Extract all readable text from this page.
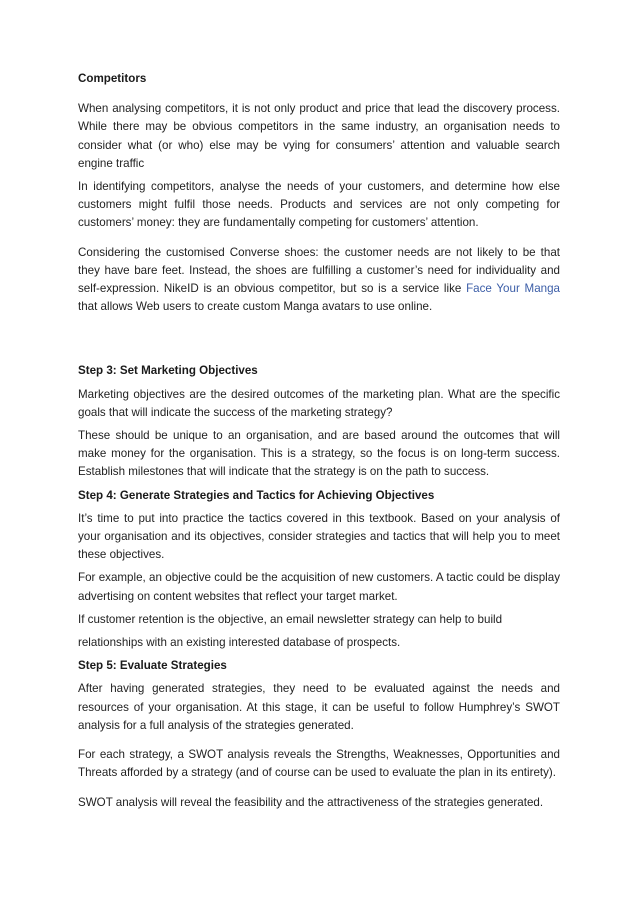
Competitors

When analysing competitors, it is not only product and price that lead the discovery process. While there may be obvious competitors in the same industry, an organisation needs to consider what (or who) else may be vying for consumers’ attention and valuable search engine traffic

In identifying competitors, analyse the needs of your customers, and determine how else customers might fulfil those needs. Products and services are not only competing for customers’ money: they are fundamentally competing for customers’ attention.

Considering the customised Converse shoes: the customer needs are not likely to be that they have bare feet. Instead, the shoes are fulfilling a customer’s need for individuality and self-expression. NikeID is an obvious competitor, but so is a service like Face Your Manga that allows Web users to create custom Manga avatars to use online.

Step 3: Set Marketing Objectives

Marketing objectives are the desired outcomes of the marketing plan. What are the specific goals that will indicate the success of the marketing strategy?

These should be unique to an organisation, and are based around the outcomes that will make money for the organisation. This is a strategy, so the focus is on long-term success. Establish milestones that will indicate that the strategy is on the path to success.

Step 4: Generate Strategies and Tactics for Achieving Objectives

It’s time to put into practice the tactics covered in this textbook. Based on your analysis of your organisation and its objectives, consider strategies and tactics that will help you to meet these objectives.

For example, an objective could be the acquisition of new customers. A tactic could be display advertising on content websites that reflect your target market.

If customer retention is the objective, an email newsletter strategy can help to build

relationships with an existing interested database of prospects.

Step 5: Evaluate Strategies

After having generated strategies, they need to be evaluated against the needs and resources of your organisation. At this stage, it can be useful to follow Humphrey’s SWOT analysis for a full analysis of the strategies generated.

For each strategy, a SWOT analysis reveals the Strengths, Weaknesses, Opportunities and Threats afforded by a strategy (and of course can be used to evaluate the plan in its entirety).

SWOT analysis will reveal the feasibility and the attractiveness of the strategies generated.
